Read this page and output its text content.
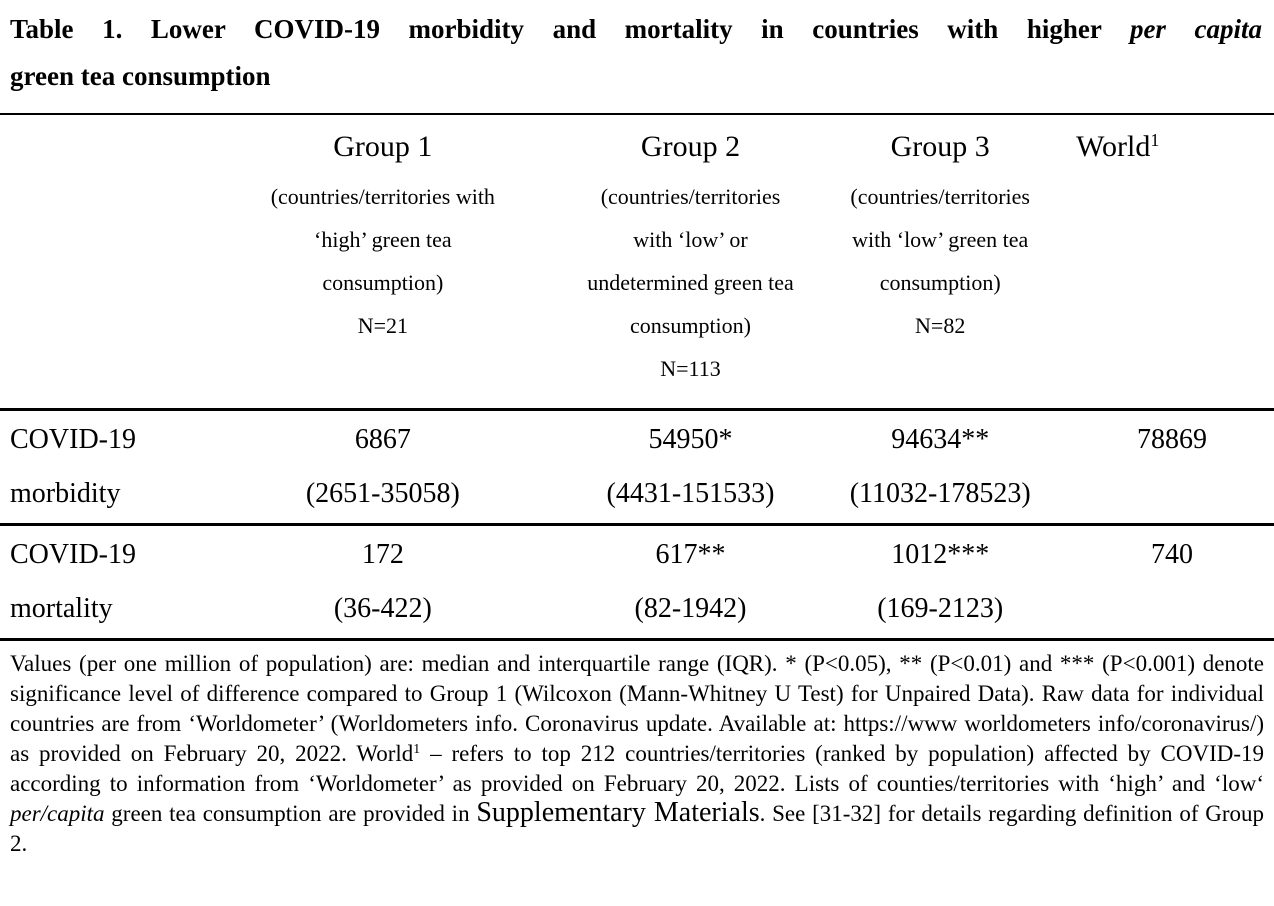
Table 1. Lower COVID-19 morbidity and mortality in countries with higher per capita
green tea consumption
Group 1
(countries/territories with
‘high’ green tea
consumption)
N=21
Group 2
(countries/territories
with ‘low’ or
undetermined green tea
consumption)
N=113
Group 3
(countries/territories
with ‘low’ green tea
consumption)
N=82
World$^1$
COVID-19
morbidity
6867
(2651-35058)
54950*
(4431-151533)
94634**
(11032-178523)
78869
COVID-19
mortality
172
(36-422)
617**
(82-1942)
1012***
(169-2123)
740

Values (per one million of population) are: median and interquartile range (IQR). * (P<0.05), ** (P<0.01) and *** (P<0.001) denote significance level of difference compared to Group 1 (Wilcoxon (Mann-Whitney U Test) for Unpaired Data). Raw data for individual countries are from ‘Worldometer’ (Worldometers info. Coronavirus update. Available at: https://www worldometers info/coronavirus/) as provided on February 20, 2022. World$^1$ – refers to top 212 countries/territories (ranked by population) affected by COVID-19 according to information from ‘Worldometer’ as provided on February 20, 2022. Lists of counties/territories with ‘high’ and ‘low‘ per/capita green tea consumption are provided in Supplementary Materials. See [31-32] for details regarding definition of Group 2.
